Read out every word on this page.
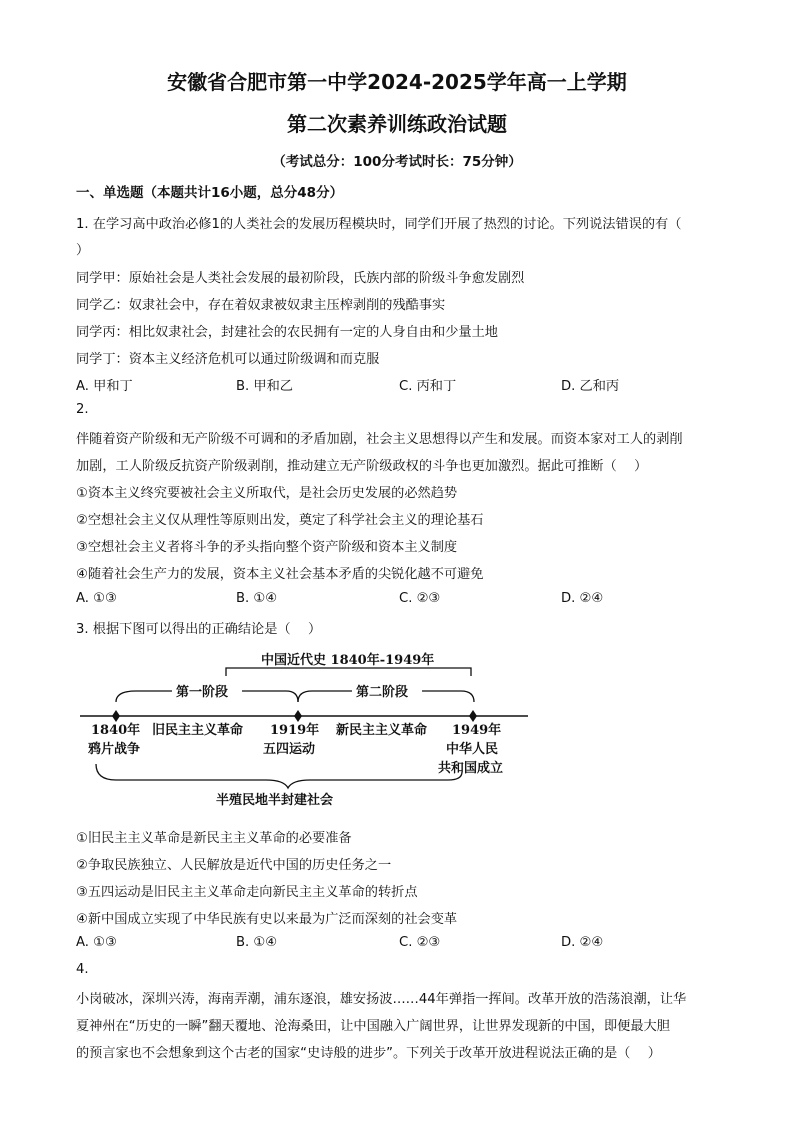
安徽省合肥市第一中学2024-2025学年高一上学期
第二次素养训练政治试题
（考试总分：100分考试时长：75分钟）
一、单选题（本题共计16小题，总分48分）
1. 在学习高中政治必修1的人类社会的发展历程模块时，同学们开展了热烈的讨论。下列说法错误的有（
）
同学甲：原始社会是人类社会发展的最初阶段，氏族内部的阶级斗争愈发剧烈
同学乙：奴隶社会中，存在着奴隶被奴隶主压榨剥削的残酷事实
同学丙：相比奴隶社会，封建社会的农民拥有一定的人身自由和少量土地
同学丁：资本主义经济危机可以通过阶级调和而克服
A. 甲和丁	B. 甲和乙	C. 丙和丁	D. 乙和丙
2.
伴随着资产阶级和无产阶级不可调和的矛盾加剧，社会主义思想得以产生和发展。而资本家对工人的剥削
加剧，工人阶级反抗资产阶级剥削，推动建立无产阶级政权的斗争也更加激烈。据此可推断（　 ）
①资本主义终究要被社会主义所取代，是社会历史发展的必然趋势
②空想社会主义仅从理性等原则出发，奠定了科学社会主义的理论基石
③空想社会主义者将斗争的矛头指向整个资产阶级和资本主义制度
④随着社会生产力的发展，资本主义社会基本矛盾的尖锐化越不可避免
A. ①③	B. ①④	C. ②③	D. ②④
3. 根据下图可以得出的正确结论是（　 ）
中国近代史 1840年-1949年
第一阶段	第二阶段
1840年 旧民主主义革命 1919年 新民主主义革命 1949年
鸦片战争	五四运动	中华人民
共和国成立
半殖民地半封建社会
①旧民主主义革命是新民主主义革命的必要准备
②争取民族独立、人民解放是近代中国的历史任务之一
③五四运动是旧民主主义革命走向新民主主义革命的转折点
④新中国成立实现了中华民族有史以来最为广泛而深刻的社会变革
A. ①③	B. ①④	C. ②③	D. ②④
4.
小岗破冰，深圳兴涛，海南弄潮，浦东逐浪，雄安扬波……44年弹指一挥间。改革开放的浩荡浪潮，让华
夏神州在“历史的一瞬”翻天覆地、沧海桑田，让中国融入广阔世界，让世界发现新的中国，即便最大胆
的预言家也不会想象到这个古老的国家“史诗般的进步”。下列关于改革开放进程说法正确的是（　 ）
